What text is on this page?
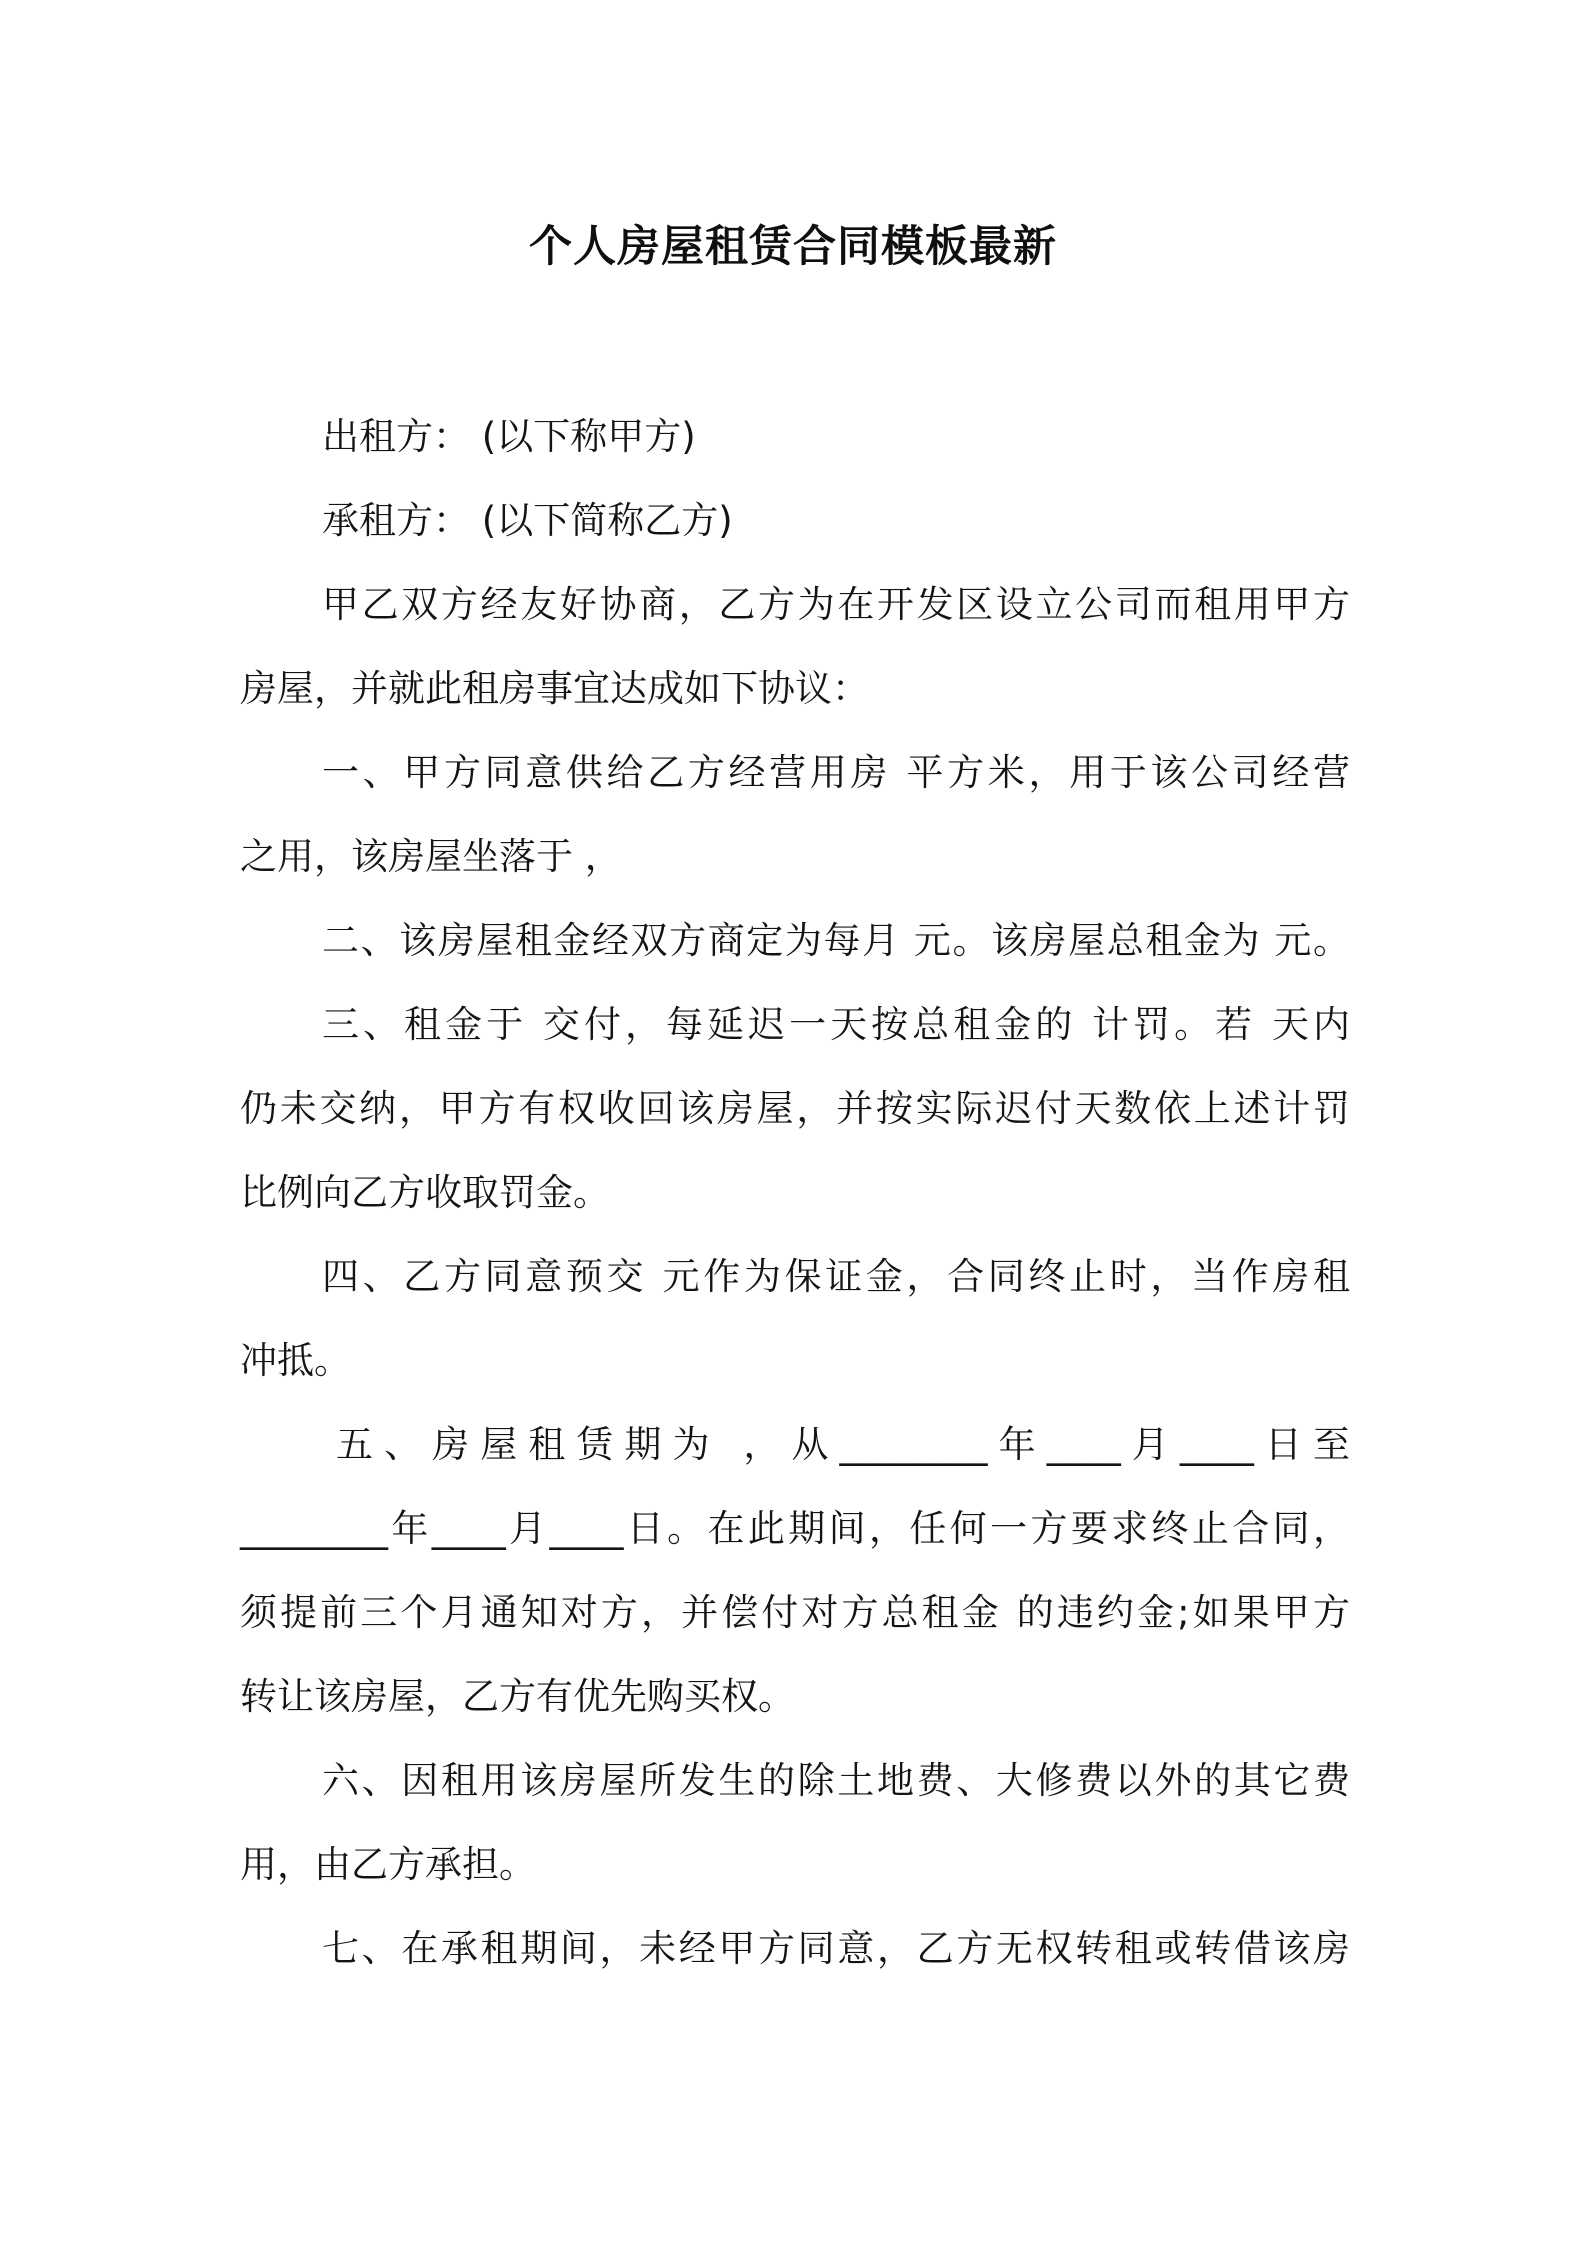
个人房屋租赁合同模板最新
出租方： (以下称甲方)
承租方： (以下简称乙方)
甲乙双方经友好协商，乙方为在开发区设立公司而租用甲方
房屋，并就此租房事宜达成如下协议：
一、甲方同意供给乙方经营用房 平方米，用于该公司经营
之用，该房屋坐落于 ，
二、该房屋租金经双方商定为每月 元。该房屋总租金为 元。
三、租金于 交付，每延迟一天按总租金的 计罚。若 天内
仍未交纳，甲方有权收回该房屋，并按实际迟付天数依上述计罚
比例向乙方收取罚金。
四、乙方同意预交 元作为保证金，合同终止时，当作房租
冲抵。
五、房屋租赁期为 ，从________年____月____日至
________年____月____日。在此期间，任何一方要求终止合同，
须提前三个月通知对方，并偿付对方总租金 的违约金;如果甲方
转让该房屋，乙方有优先购买权。
六、因租用该房屋所发生的除土地费、大修费以外的其它费
用，由乙方承担。
七、在承租期间，未经甲方同意，乙方无权转租或转借该房
